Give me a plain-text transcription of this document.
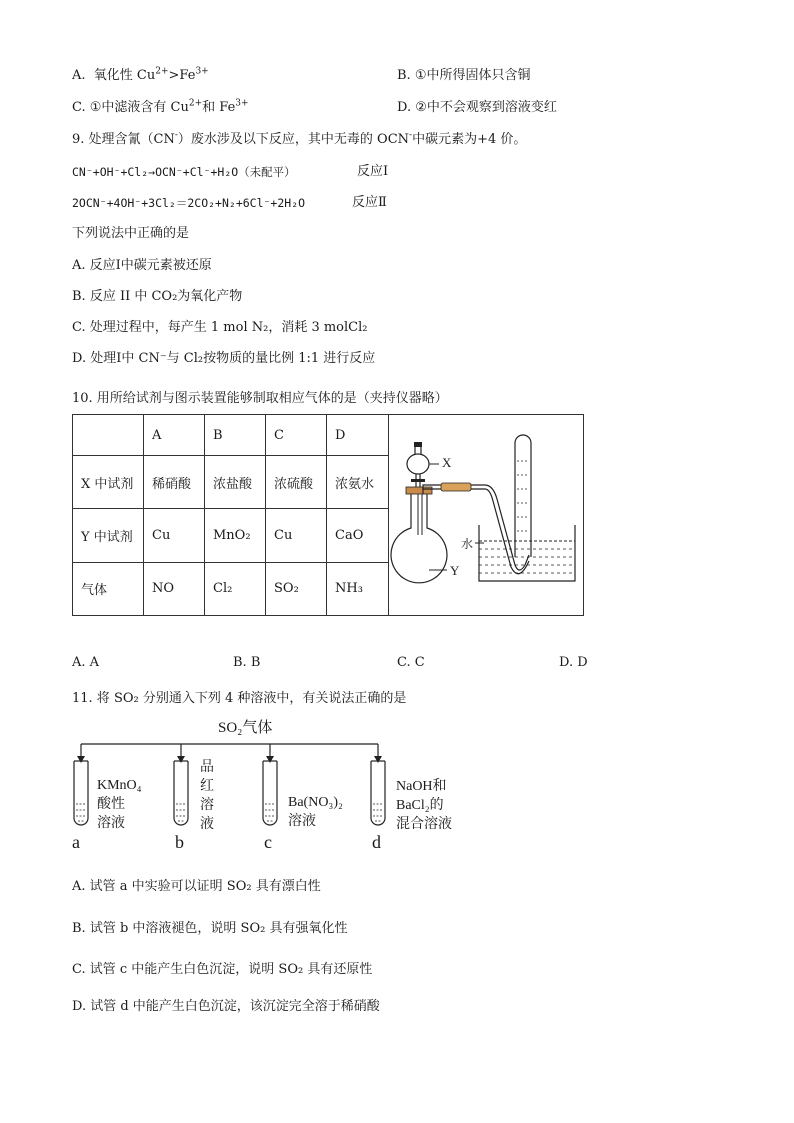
A. 氧化性 $Cu^{2+}>Fe^{3+}$	B. ①中所得固体只含铜
C. ①中滤液含有 $Cu^{2+}$和 $Fe^{3+}$	D. ②中不会观察到溶液变红
9. 处理含氰（CN-）废水涉及以下反应，其中无毒的 OCN-中碳元素为+4 价。
CN⁻+OH⁻+Cl₂→OCN⁻+Cl⁻+H₂O（未配平）	反应Ⅰ
2OCN⁻+4OH⁻+3Cl₂＝2CO₂+N₂+6Cl⁻+2H₂O	反应Ⅱ
下列说法中正确的是
A. 反应Ⅰ中碳元素被还原
B. 反应 II 中 CO₂为氧化产物
C. 处理过程中，每产生 1 mol N₂，消耗 3 molCl₂
D. 处理Ⅰ中 CN⁻与 Cl₂按物质的量比例 1:1 进行反应
10. 用所给试剂与图示装置能够制取相应气体的是（夹持仪器略）
	A	B	C	D	X
水
Y

X 中试剂	稀硝酸	浓盐酸	浓硫酸	浓氨水	
Y 中试剂	Cu	MnO₂	Cu	CaO	
气体	NO	Cl₂	SO₂	NH₃	
A. A	B. B	C. C	D. D
11. 将 SO₂ 分别通入下列 4 种溶液中，有关说法正确的是
SO₂气体
KMnO₄
酸性
溶液
品
红
溶
液
Ba(NO₃)₂
溶液
NaOH和
BaCl₂的
混合溶液
a	b	c	d
A. 试管 a 中实验可以证明 SO₂ 具有漂白性
B. 试管 b 中溶液褪色，说明 SO₂ 具有强氧化性
C. 试管 c 中能产生白色沉淀，说明 SO₂ 具有还原性
D. 试管 d 中能产生白色沉淀，该沉淀完全溶于稀硝酸
